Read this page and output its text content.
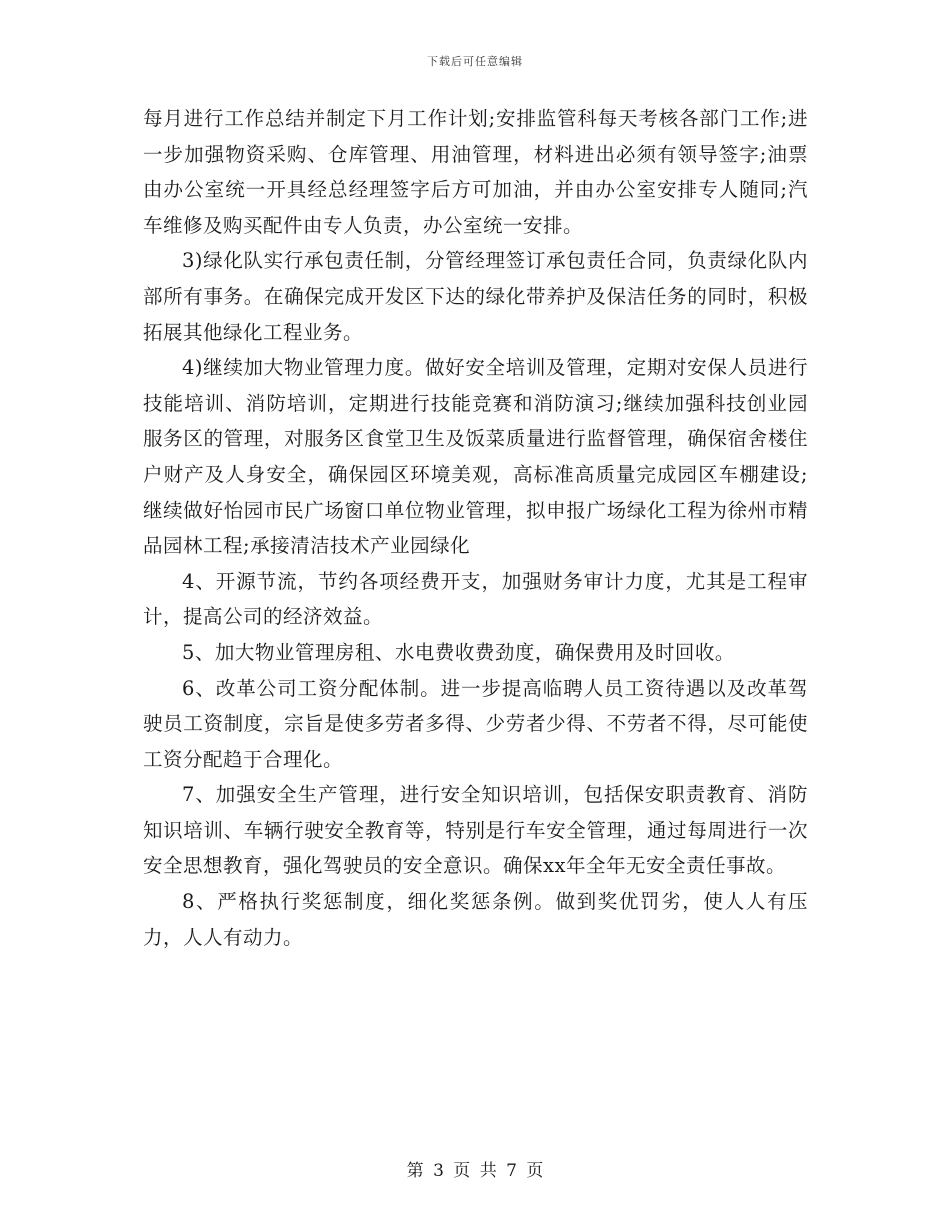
下载后可任意编辑

每月进行工作总结并制定下月工作计划;安排监管科每天考核各部门工作;进一步加强物资采购、仓库管理、用油管理，材料进出必须有领导签字;油票由办公室统一开具经总经理签字后方可加油，并由办公室安排专人随同;汽车维修及购买配件由专人负责，办公室统一安排。

3)绿化队实行承包责任制，分管经理签订承包责任合同，负责绿化队内部所有事务。在确保完成开发区下达的绿化带养护及保洁任务的同时，积极拓展其他绿化工程业务。

4)继续加大物业管理力度。做好安全培训及管理，定期对安保人员进行技能培训、消防培训，定期进行技能竞赛和消防演习;继续加强科技创业园服务区的管理，对服务区食堂卫生及饭菜质量进行监督管理，确保宿舍楼住户财产及人身安全，确保园区环境美观，高标准高质量完成园区车棚建设;继续做好怡园市民广场窗口单位物业管理，拟申报广场绿化工程为徐州市精品园林工程;承接清洁技术产业园绿化

4、开源节流，节约各项经费开支，加强财务审计力度，尤其是工程审计，提高公司的经济效益。

5、加大物业管理房租、水电费收费劲度，确保费用及时回收。

6、改革公司工资分配体制。进一步提高临聘人员工资待遇以及改革驾驶员工资制度，宗旨是使多劳者多得、少劳者少得、不劳者不得，尽可能使工资分配趋于合理化。

7、加强安全生产管理，进行安全知识培训，包括保安职责教育、消防知识培训、车辆行驶安全教育等，特别是行车安全管理，通过每周进行一次安全思想教育，强化驾驶员的安全意识。确保xx年全年无安全责任事故。

8、严格执行奖惩制度，细化奖惩条例。做到奖优罚劣，使人人有压力，人人有动力。

第 3 页 共 7 页
